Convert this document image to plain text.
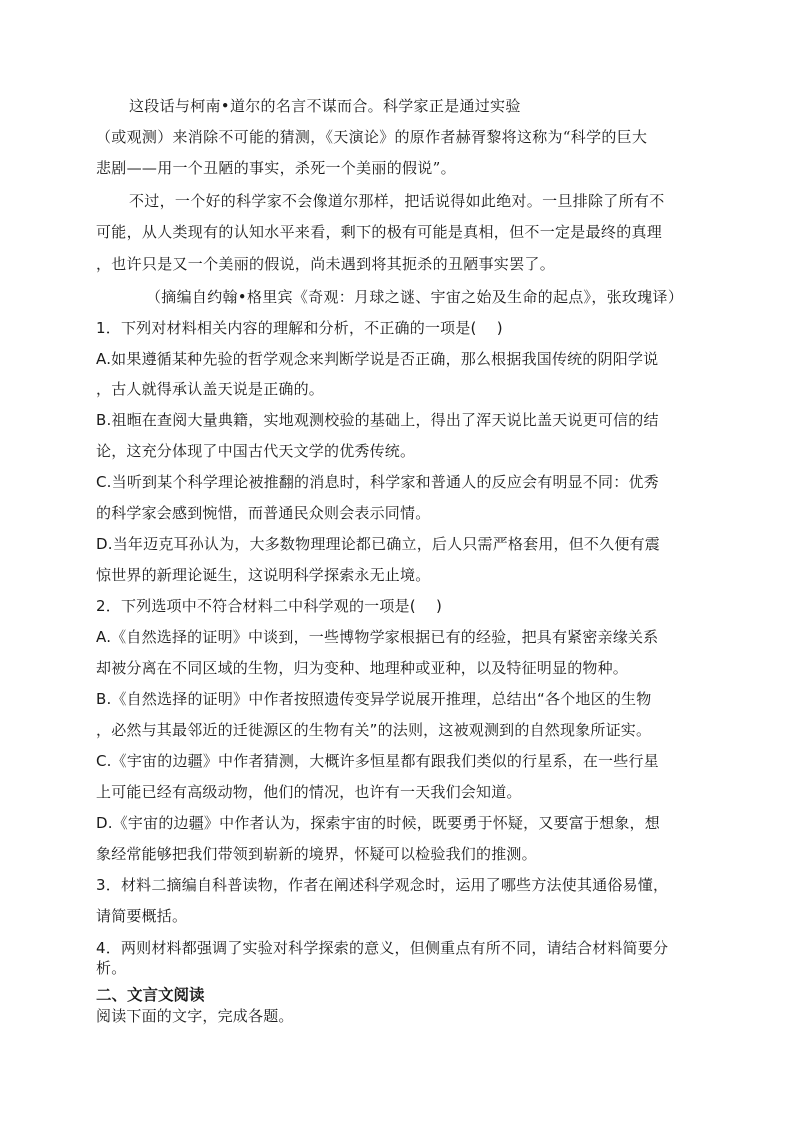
这段话与柯南•道尔的名言不谋而合。科学家正是通过实验
（或观测）来消除不可能的猜测，《天演论》的原作者赫胥黎将这称为“科学的巨大
悲剧——用一个丑陋的事实，杀死一个美丽的假说”。
不过，一个好的科学家不会像道尔那样，把话说得如此绝对。一旦排除了所有不
可能，从人类现有的认知水平来看，剩下的极有可能是真相，但不一定是最终的真理
，也许只是又一个美丽的假说，尚未遇到将其扼杀的丑陋事实罢了。
（摘编自约翰•格里宾《奇观：月球之谜、宇宙之始及生命的起点》，张玫瑰译）
1．下列对材料相关内容的理解和分析，不正确的一项是(　 )
A.如果遵循某种先验的哲学观念来判断学说是否正确，那么根据我国传统的阴阳学说
，古人就得承认盖天说是正确的。
B.祖暅在查阅大量典籍，实地观测校验的基础上，得出了浑天说比盖天说更可信的结
论，这充分体现了中国古代天文学的优秀传统。
C.当听到某个科学理论被推翻的消息时，科学家和普通人的反应会有明显不同：优秀
的科学家会感到惋惜，而普通民众则会表示同情。
D.当年迈克耳孙认为，大多数物理理论都已确立，后人只需严格套用，但不久便有震
惊世界的新理论诞生，这说明科学探索永无止境。
2．下列选项中不符合材料二中科学观的一项是(　 )
A.《自然选择的证明》中谈到，一些博物学家根据已有的经验，把具有紧密亲缘关系
却被分离在不同区域的生物，归为变种、地理种或亚种，以及特征明显的物种。
B.《自然选择的证明》中作者按照遗传变异学说展开推理，总结出“各个地区的生物
，必然与其最邻近的迁徙源区的生物有关”的法则，这被观测到的自然现象所证实。
C.《宇宙的边疆》中作者猜测，大概许多恒星都有跟我们类似的行星系，在一些行星
上可能已经有高级动物，他们的情况，也许有一天我们会知道。
D.《宇宙的边疆》中作者认为，探索宇宙的时候，既要勇于怀疑，又要富于想象，想
象经常能够把我们带领到崭新的境界，怀疑可以检验我们的推测。
3．材料二摘编自科普读物，作者在阐述科学观念时，运用了哪些方法使其通俗易懂，
请简要概括。
4．两则材料都强调了实验对科学探索的意义，但侧重点有所不同，请结合材料简要分
析。
二、文言文阅读
阅读下面的文字，完成各题。
